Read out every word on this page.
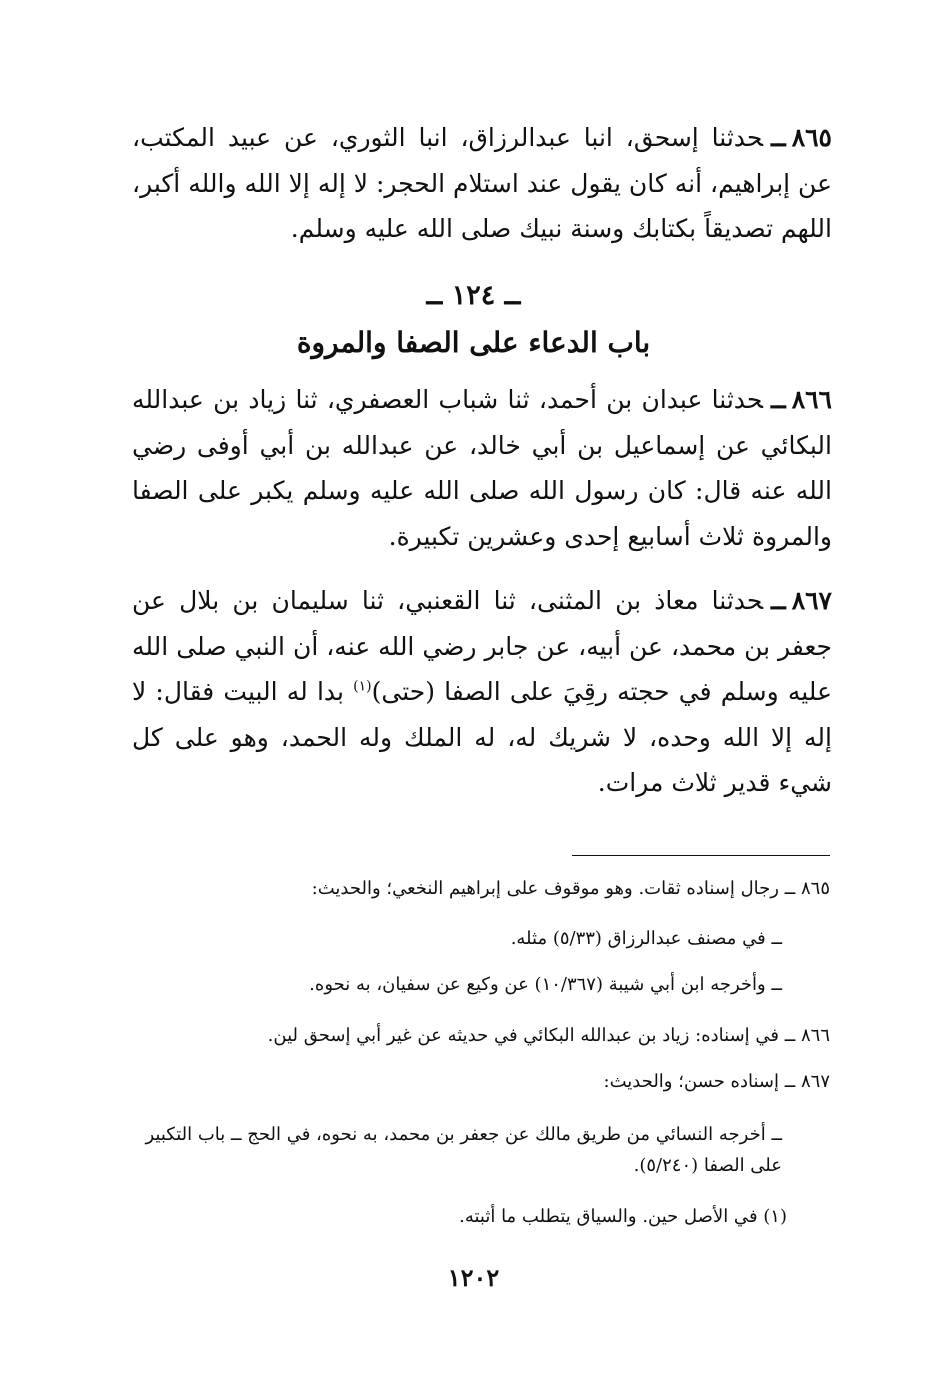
٨٦٥ــحدثنا إسحق، انبا عبدالرزاق، انبا الثوري، عن عبيد المكتب، عن إبراهيم، أنه كان يقول عند استلام الحجر: لا إله إلا الله والله أكبر، اللهم تصديقاً بكتابك وسنة نبيك صلى الله عليه وسلم.
ــ ١٢٤ ــ
باب الدعاء على الصفا والمروة
٨٦٦ــحدثنا عبدان بن أحمد، ثنا شباب العصفري، ثنا زياد بن عبدالله البكائي عن إسماعيل بن أبي خالد، عن عبدالله بن أبي أوفى رضي الله عنه قال: كان رسول الله صلى الله عليه وسلم يكبر على الصفا والمروة ثلاث أسابيع إحدى وعشرين تكبيرة.
٨٦٧ــحدثنا معاذ بن المثنى، ثنا القعنبي، ثنا سليمان بن بلال عن جعفر بن محمد، عن أبيه، عن جابر رضي الله عنه، أن النبي صلى الله عليه وسلم في حجته رقِيَ على الصفا (حتى)$^{(١)}$ بدا له البيت فقال: لا إله إلا الله وحده، لا شريك له، له الملك وله الحمد، وهو على كل شيء قدير ثلاث مرات.
٨٦٥ ــ رجال إسناده ثقات. وهو موقوف على إبراهيم النخعي؛ والحديث:
ــ في مصنف عبدالرزاق (٥/٣٣) مثله.
ــ وأخرجه ابن أبي شيبة (١٠/٣٦٧) عن وكيع عن سفيان، به نحوه.
٨٦٦ ــ في إسناده: زياد بن عبدالله البكائي في حديثه عن غير أبي إسحق لين.
٨٦٧ ــ إسناده حسن؛ والحديث:
ــ أخرجه النسائي من طريق مالك عن جعفر بن محمد، به نحوه، في الحج ــ باب التكبير على الصفا (٥/٢٤٠).
(١) في الأصل حين. والسياق يتطلب ما أثبته.
١٢٠٢
